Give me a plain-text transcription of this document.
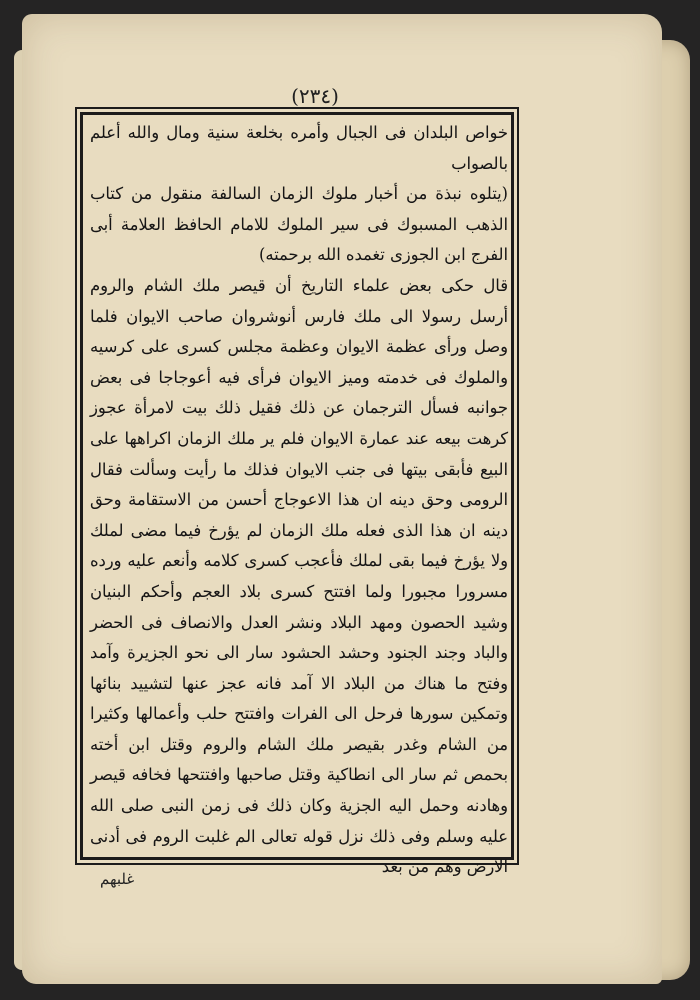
(٢٣٤)

خواص البلدان فى الجبال وأمره بخلعة سنية ومال والله أعلم بالصواب

(يتلوه نبذة من أخبار ملوك الزمان السالفة منقول من كتاب الذهب المسبوك فى سير الملوك للامام الحافظ العلامة أبى الفرج ابن الجوزى تغمده الله برحمته)

قال حكى بعض علماء التاريخ أن قيصر ملك الشام والروم أرسل رسولا الى ملك فارس أنوشروان صاحب الايوان فلما وصل ورأى عظمة الايوان وعظمة مجلس كسرى على كرسيه والملوك فى خدمته وميز الايوان فرأى فيه أعوجاجا فى بعض جوانبه فسأل الترجمان عن ذلك فقيل ذلك بيت لامرأة عجوز كرهت بيعه عند عمارة الايوان فلم ير ملك الزمان اكراهها على البيع فأبقى بيتها فى جنب الايوان فذلك ما رأيت وسألت فقال الرومى وحق دينه ان هذا الاعوجاج أحسن من الاستقامة وحق دينه ان هذا الذى فعله ملك الزمان لم يؤرخ فيما مضى لملك ولا يؤرخ فيما بقى لملك فأعجب كسرى كلامه وأنعم عليه ورده مسرورا مجبورا ولما افتتح كسرى بلاد العجم وأحكم البنيان وشيد الحصون ومهد البلاد ونشر العدل والانصاف فى الحضر والباد وجند الجنود وحشد الحشود سار الى نحو الجزيرة وآمد وفتح ما هناك من البلاد الا آمد فانه عجز عنها لتشييد بنائها وتمكين سورها فرحل الى الفرات وافتتح حلب وأعمالها وكثيرا من الشام وغدر بقيصر ملك الشام والروم وقتل ابن أخته بحمص ثم سار الى انطاكية وقتل صاحبها وافتتحها فخافه قيصر وهادنه وحمل اليه الجزية وكان ذلك فى زمن النبى صلى الله عليه وسلم وفى ذلك نزل قوله تعالى الم غلبت الروم فى أدنى الارض وهم من بعد

غلبهم
